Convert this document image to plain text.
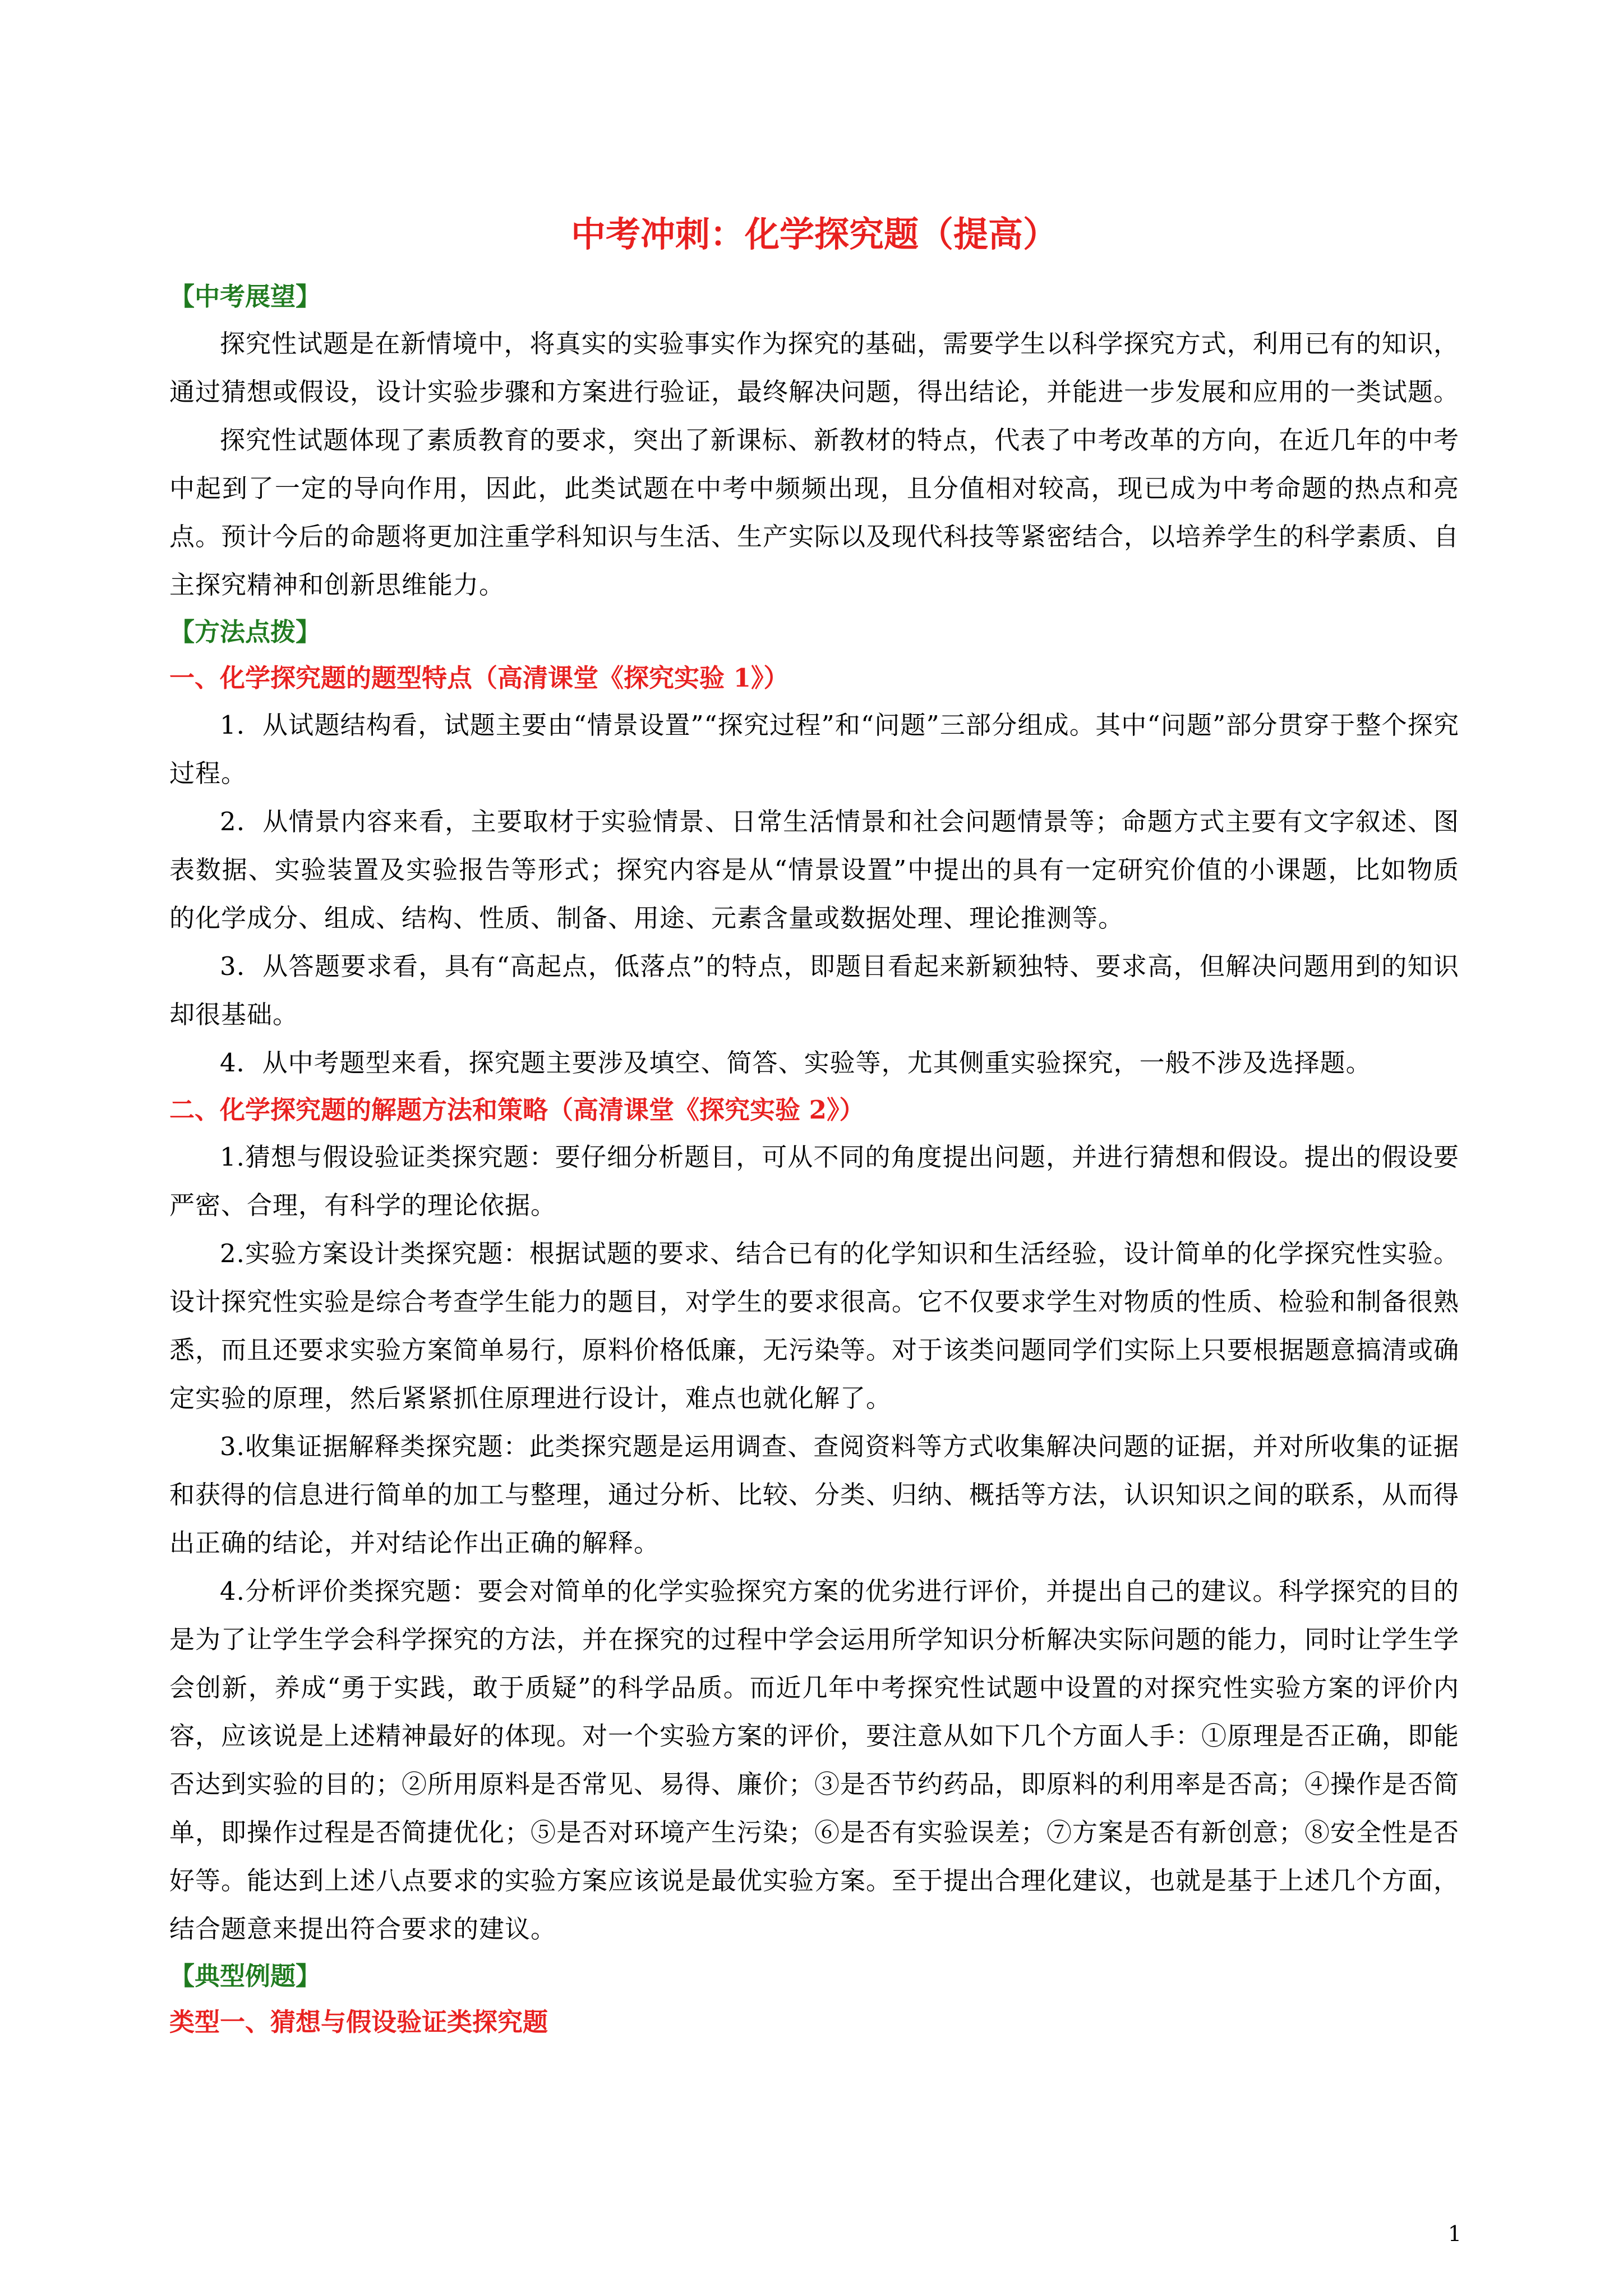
中考冲刺：化学探究题（提高）
【中考展望】

探究性试题是在新情境中，将真实的实验事实作为探究的基础，需要学生以科学探究方式，利用已有的知识，通过猜想或假设，设计实验步骤和方案进行验证，最终解决问题，得出结论，并能进一步发展和应用的一类试题。

探究性试题体现了素质教育的要求，突出了新课标、新教材的特点，代表了中考改革的方向，在近几年的中考中起到了一定的导向作用，因此，此类试题在中考中频频出现，且分值相对较高，现已成为中考命题的热点和亮点。预计今后的命题将更加注重学科知识与生活、生产实际以及现代科技等紧密结合，以培养学生的科学素质、自主探究精神和创新思维能力。

【方法点拨】
一、化学探究题的题型特点（高清课堂《探究实验 1》）

1．从试题结构看，试题主要由“情景设置”“探究过程”和“问题”三部分组成。其中“问题”部分贯穿于整个探究过程。

2．从情景内容来看，主要取材于实验情景、日常生活情景和社会问题情景等；命题方式主要有文字叙述、图表数据、实验装置及实验报告等形式；探究内容是从“情景设置”中提出的具有一定研究价值的小课题，比如物质的化学成分、组成、结构、性质、制备、用途、元素含量或数据处理、理论推测等。

3．从答题要求看，具有“高起点，低落点”的特点，即题目看起来新颖独特、要求高，但解决问题用到的知识却很基础。

4．从中考题型来看，探究题主要涉及填空、简答、实验等，尤其侧重实验探究，一般不涉及选择题。

二、化学探究题的解题方法和策略（高清课堂《探究实验 2》）

1.猜想与假设验证类探究题：要仔细分析题目，可从不同的角度提出问题，并进行猜想和假设。提出的假设要严密、合理，有科学的理论依据。

2.实验方案设计类探究题：根据试题的要求、结合已有的化学知识和生活经验，设计简单的化学探究性实验。设计探究性实验是综合考查学生能力的题目，对学生的要求很高。它不仅要求学生对物质的性质、检验和制备很熟悉，而且还要求实验方案简单易行，原料价格低廉，无污染等。对于该类问题同学们实际上只要根据题意搞清或确定实验的原理，然后紧紧抓住原理进行设计，难点也就化解了。

3.收集证据解释类探究题：此类探究题是运用调查、查阅资料等方式收集解决问题的证据，并对所收集的证据和获得的信息进行简单的加工与整理，通过分析、比较、分类、归纳、概括等方法，认识知识之间的联系，从而得出正确的结论，并对结论作出正确的解释。

4.分析评价类探究题：要会对简单的化学实验探究方案的优劣进行评价，并提出自己的建议。科学探究的目的是为了让学生学会科学探究的方法，并在探究的过程中学会运用所学知识分析解决实际问题的能力，同时让学生学会创新，养成“勇于实践，敢于质疑”的科学品质。而近几年中考探究性试题中设置的对探究性实验方案的评价内容，应该说是上述精神最好的体现。对一个实验方案的评价，要注意从如下几个方面人手：①原理是否正确，即能否达到实验的目的；②所用原料是否常见、易得、廉价；③是否节约药品，即原料的利用率是否高；④操作是否简单，即操作过程是否简捷优化；⑤是否对环境产生污染；⑥是否有实验误差；⑦方案是否有新创意；⑧安全性是否好等。能达到上述八点要求的实验方案应该说是最优实验方案。至于提出合理化建议，也就是基于上述几个方面，结合题意来提出符合要求的建议。

【典型例题】
类型一、猜想与假设验证类探究题
1
